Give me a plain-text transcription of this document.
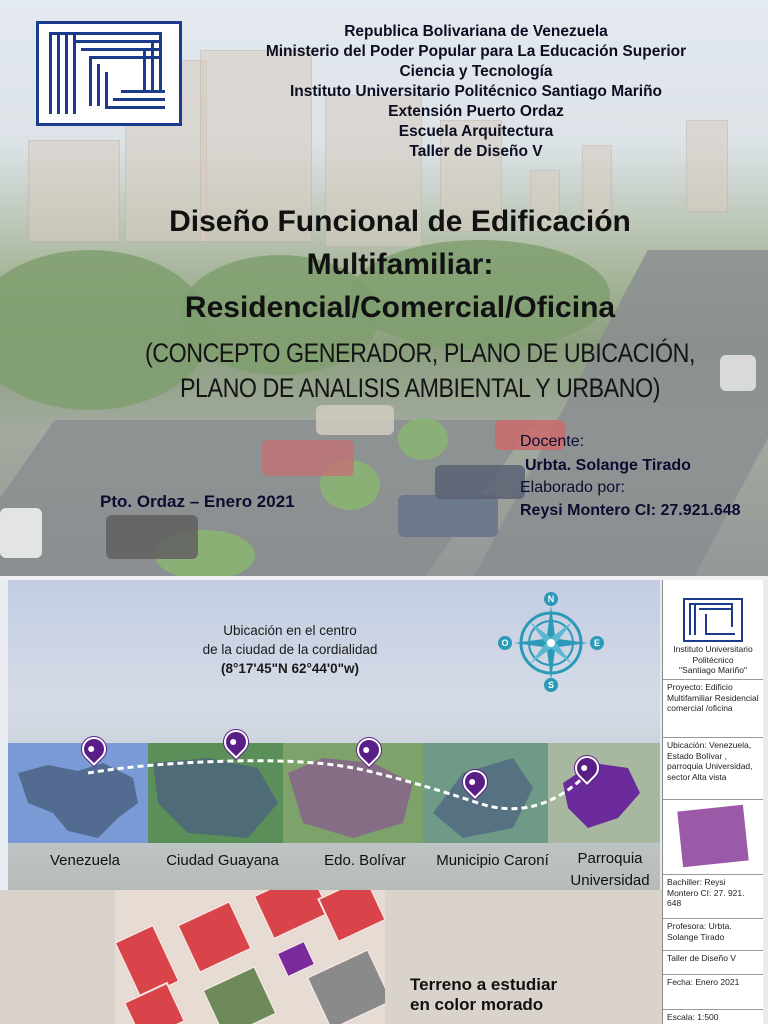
Republica Bolivariana de Venezuela
Ministerio del Poder Popular para La Educación Superior
Ciencia y Tecnología
Instituto Universitario Politécnico Santiago Mariño
Extensión Puerto Ordaz
Escuela Arquitectura
Taller de Diseño V
Diseño Funcional de Edificación
Multifamiliar:
Residencial/Comercial/Oficina
(CONCEPTO GENERADOR, PLANO DE UBICACIÓN,
PLANO DE ANALISIS AMBIENTAL Y URBANO)
Pto. Ordaz – Enero 2021
Docente:
Urbta. Solange Tirado
Elaborado por:
Reysi Montero CI: 27.921.648
Ubicación en el centro
de la ciudad de la cordialidad
(8°17'45"N 62°44'0"w)
N
S
O	E
Venezuela	Ciudad Guayana	Edo. Bolívar	Municipio Caroní	Parroquia
Universidad
Terreno a estudiar
en color morado
Instituto Universitario
Politécnico
"Santiago Mariño"
Proyecto: Edificio Multifamiliar Residencial comercial /oficina
Ubicación: Venezuela, Estado Bolívar , parroquia Universidad, sector Alta vista
Bachiller: Reysi Montero CI: 27. 921. 648
Profesora: Urbta. Solange Tirado
Taller de Diseño V
Fecha: Enero 2021
Escala: 1:500
